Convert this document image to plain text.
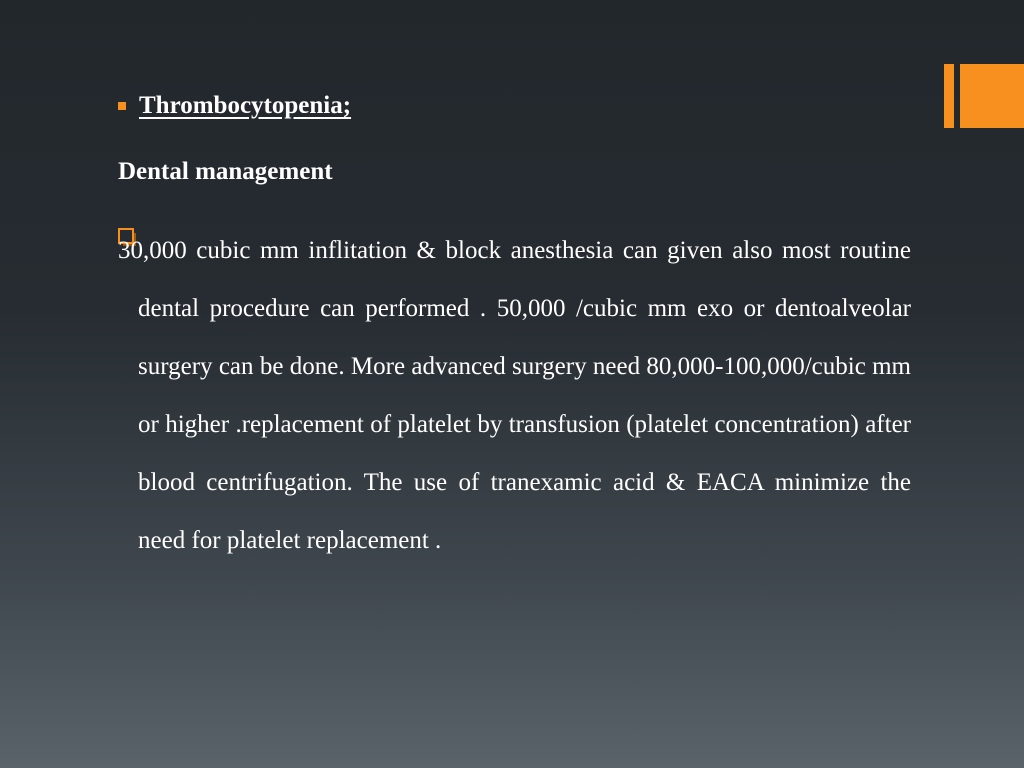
Thrombocytopenia;
Dental management
30,000 cubic mm inflitation & block anesthesia can given also most routine dental procedure can performed . 50,000 /cubic mm exo or dentoalveolar surgery can be done. More advanced surgery need 80,000-100,000/cubic mm or higher .replacement of platelet by transfusion (platelet concentration) after blood centrifugation. The use of tranexamic acid & EACA minimize the need for platelet replacement .
